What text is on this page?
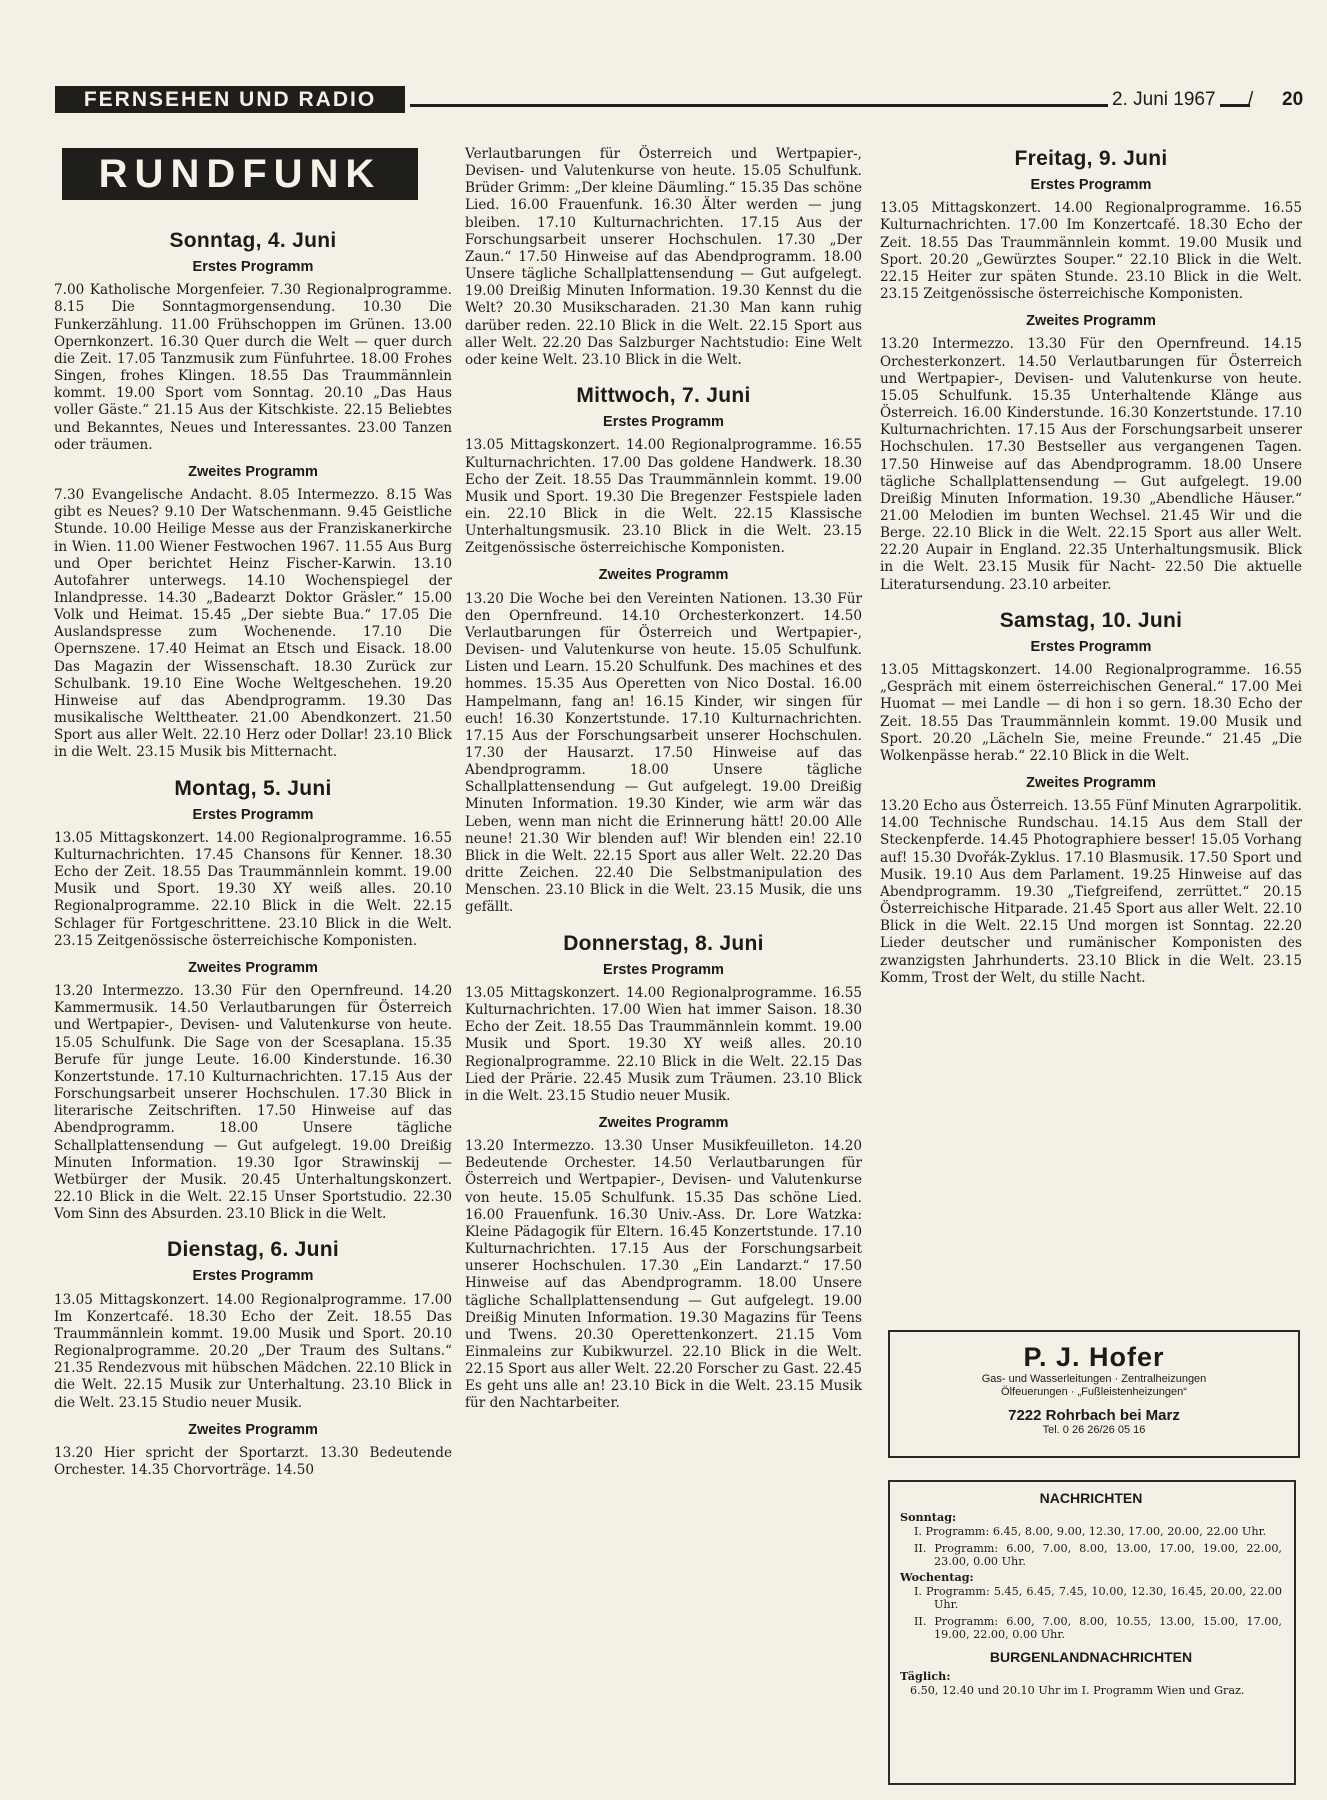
FERNSEHEN UND RADIO	2. Juni 1967 / 20
RUNDFUNK
Sonntag, 4. Juni
Erstes Programm

7.00 Katholische Morgenfeier. 7.30 Regionalprogramme. 8.15 Die Sonntagmorgensendung. 10.30 Die Funkerzählung. 11.00 Frühschoppen im Grünen. 13.00 Opernkonzert. 16.30 Quer durch die Welt — quer durch die Zeit. 17.05 Tanzmusik zum Fünfuhrtee. 18.00 Frohes Singen, frohes Klingen. 18.55 Das Traummännlein kommt. 19.00 Sport vom Sonntag. 20.10 „Das Haus voller Gäste.“ 21.15 Aus der Kitschkiste. 22.15 Beliebtes und Bekanntes, Neues und Interessantes. 23.00 Tanzen oder träumen.

Zweites Programm

7.30 Evangelische Andacht. 8.05 Intermezzo. 8.15 Was gibt es Neues? 9.10 Der Watschenmann. 9.45 Geistliche Stunde. 10.00 Heilige Messe aus der Franziskanerkirche in Wien. 11.00 Wiener Festwochen 1967. 11.55 Aus Burg und Oper berichtet Heinz Fischer-Karwin. 13.10 Autofahrer unterwegs. 14.10 Wochenspiegel der Inlandpresse. 14.30 „Badearzt Doktor Gräsler.“ 15.00 Volk und Heimat. 15.45 „Der siebte Bua.“ 17.05 Die Auslandspresse zum Wochenende. 17.10 Die Opernszene. 17.40 Heimat an Etsch und Eisack. 18.00 Das Magazin der Wissenschaft. 18.30 Zurück zur Schulbank. 19.10 Eine Woche Weltgeschehen. 19.20 Hinweise auf das Abendprogramm. 19.30 Das musikalische Welttheater. 21.00 Abendkonzert. 21.50 Sport aus aller Welt. 22.10 Herz oder Dollar! 23.10 Blick in die Welt. 23.15 Musik bis Mitternacht.

Montag, 5. Juni
Erstes Programm

13.05 Mittagskonzert. 14.00 Regionalprogramme. 16.55 Kulturnachrichten. 17.45 Chansons für Kenner. 18.30 Echo der Zeit. 18.55 Das Traummännlein kommt. 19.00 Musik und Sport. 19.30 XY weiß alles. 20.10 Regionalprogramme. 22.10 Blick in die Welt. 22.15 Schlager für Fortgeschrittene. 23.10 Blick in die Welt. 23.15 Zeitgenössische österreichische Komponisten.

Zweites Programm

13.20 Intermezzo. 13.30 Für den Opernfreund. 14.20 Kammermusik. 14.50 Verlautbarungen für Österreich und Wertpapier-, Devisen- und Valutenkurse von heute. 15.05 Schulfunk. Die Sage von der Scesaplana. 15.35 Berufe für junge Leute. 16.00 Kinderstunde. 16.30 Konzertstunde. 17.10 Kulturnachrichten. 17.15 Aus der Forschungsarbeit unserer Hochschulen. 17.30 Blick in literarische Zeitschriften. 17.50 Hinweise auf das Abendprogramm. 18.00 Unsere tägliche Schallplattensendung — Gut aufgelegt. 19.00 Dreißig Minuten Information. 19.30 Igor Strawinskij — Wetbürger der Musik. 20.45 Unterhaltungskonzert. 22.10 Blick in die Welt. 22.15 Unser Sportstudio. 22.30 Vom Sinn des Absurden. 23.10 Blick in die Welt.

Dienstag, 6. Juni
Erstes Programm

13.05 Mittagskonzert. 14.00 Regionalprogramme. 17.00 Im Konzertcafé. 18.30 Echo der Zeit. 18.55 Das Traummännlein kommt. 19.00 Musik und Sport. 20.10 Regionalprogramme. 20.20 „Der Traum des Sultans.“ 21.35 Rendezvous mit hübschen Mädchen. 22.10 Blick in die Welt. 22.15 Musik zur Unterhaltung. 23.10 Blick in die Welt. 23.15 Studio neuer Musik.

Zweites Programm

13.20 Hier spricht der Sportarzt. 13.30 Bedeutende Orchester. 14.35 Chorvorträge. 14.50

Verlautbarungen für Österreich und Wertpapier-, Devisen- und Valutenkurse von heute. 15.05 Schulfunk. Brüder Grimm: „Der kleine Däumling.“ 15.35 Das schöne Lied. 16.00 Frauenfunk. 16.30 Älter werden — jung bleiben. 17.10 Kulturnachrichten. 17.15 Aus der Forschungsarbeit unserer Hochschulen. 17.30 „Der Zaun.“ 17.50 Hinweise auf das Abendprogramm. 18.00 Unsere tägliche Schallplattensendung — Gut aufgelegt. 19.00 Dreißig Minuten Information. 19.30 Kennst du die Welt? 20.30 Musikscharaden. 21.30 Man kann ruhig darüber reden. 22.10 Blick in die Welt. 22.15 Sport aus aller Welt. 22.20 Das Salzburger Nachtstudio: Eine Welt oder keine Welt. 23.10 Blick in die Welt.

Mittwoch, 7. Juni
Erstes Programm

13.05 Mittagskonzert. 14.00 Regionalprogramme. 16.55 Kulturnachrichten. 17.00 Das goldene Handwerk. 18.30 Echo der Zeit. 18.55 Das Traummännlein kommt. 19.00 Musik und Sport. 19.30 Die Bregenzer Festspiele laden ein. 22.10 Blick in die Welt. 22.15 Klassische Unterhaltungsmusik. 23.10 Blick in die Welt. 23.15 Zeitgenössische österreichische Komponisten.

Zweites Programm

13.20 Die Woche bei den Vereinten Nationen. 13.30 Für den Opernfreund. 14.10 Orchesterkonzert. 14.50 Verlautbarungen für Österreich und Wertpapier-, Devisen- und Valutenkurse von heute. 15.05 Schulfunk. Listen und Learn. 15.20 Schulfunk. Des machines et des hommes. 15.35 Aus Operetten von Nico Dostal. 16.00 Hampelmann, fang an! 16.15 Kinder, wir singen für euch! 16.30 Konzertstunde. 17.10 Kulturnachrichten. 17.15 Aus der Forschungsarbeit unserer Hochschulen. 17.30 der Hausarzt. 17.50 Hinweise auf das Abendprogramm. 18.00 Unsere tägliche Schallplattensendung — Gut aufgelegt. 19.00 Dreißig Minuten Information. 19.30 Kinder, wie arm wär das Leben, wenn man nicht die Erinnerung hätt! 20.00 Alle neune! 21.30 Wir blenden auf! Wir blenden ein! 22.10 Blick in die Welt. 22.15 Sport aus aller Welt. 22.20 Das dritte Zeichen. 22.40 Die Selbstmanipulation des Menschen. 23.10 Blick in die Welt. 23.15 Musik, die uns gefällt.

Donnerstag, 8. Juni
Erstes Programm

13.05 Mittagskonzert. 14.00 Regionalprogramme. 16.55 Kulturnachrichten. 17.00 Wien hat immer Saison. 18.30 Echo der Zeit. 18.55 Das Traummännlein kommt. 19.00 Musik und Sport. 19.30 XY weiß alles. 20.10 Regionalprogramme. 22.10 Blick in die Welt. 22.15 Das Lied der Prärie. 22.45 Musik zum Träumen. 23.10 Blick in die Welt. 23.15 Studio neuer Musik.

Zweites Programm

13.20 Intermezzo. 13.30 Unser Musikfeuilleton. 14.20 Bedeutende Orchester. 14.50 Verlautbarungen für Österreich und Wertpapier-, Devisen- und Valutenkurse von heute. 15.05 Schulfunk. 15.35 Das schöne Lied. 16.00 Frauenfunk. 16.30 Univ.-Ass. Dr. Lore Watzka: Kleine Pädagogik für Eltern. 16.45 Konzertstunde. 17.10 Kulturnachrichten. 17.15 Aus der Forschungsarbeit unserer Hochschulen. 17.30 „Ein Landarzt.“ 17.50 Hinweise auf das Abendprogramm. 18.00 Unsere tägliche Schallplattensendung — Gut aufgelegt. 19.00 Dreißig Minuten Information. 19.30 Magazins für Teens und Twens. 20.30 Operettenkonzert. 21.15 Vom Einmaleins zur Kubikwurzel. 22.10 Blick in die Welt. 22.15 Sport aus aller Welt. 22.20 Forscher zu Gast. 22.45 Es geht uns alle an! 23.10 Bick in die Welt. 23.15 Musik für den Nachtarbeiter.

Freitag, 9. Juni
Erstes Programm

13.05 Mittagskonzert. 14.00 Regionalprogramme. 16.55 Kulturnachrichten. 17.00 Im Konzertcafé. 18.30 Echo der Zeit. 18.55 Das Traummännlein kommt. 19.00 Musik und Sport. 20.20 „Gewürztes Souper.“ 22.10 Blick in die Welt. 22.15 Heiter zur späten Stunde. 23.10 Blick in die Welt. 23.15 Zeitgenössische österreichische Komponisten.

Zweites Programm

13.20 Intermezzo. 13.30 Für den Opernfreund. 14.15 Orchesterkonzert. 14.50 Verlautbarungen für Österreich und Wertpapier-, Devisen- und Valutenkurse von heute. 15.05 Schulfunk. 15.35 Unterhaltende Klänge aus Österreich. 16.00 Kinderstunde. 16.30 Konzertstunde. 17.10 Kulturnachrichten. 17.15 Aus der Forschungsarbeit unserer Hochschulen. 17.30 Bestseller aus vergangenen Tagen. 17.50 Hinweise auf das Abendprogramm. 18.00 Unsere tägliche Schallplattensendung — Gut aufgelegt. 19.00 Dreißig Minuten Information. 19.30 „Abendliche Häuser.“ 21.00 Melodien im bunten Wechsel. 21.45 Wir und die Berge. 22.10 Blick in die Welt. 22.15 Sport aus aller Welt. 22.20 Aupair in England. 22.35 Unterhaltungsmusik. Blick in die Welt. 23.15 Musik für Nacht- 22.50 Die aktuelle Literatursendung. 23.10 arbeiter.

Samstag, 10. Juni
Erstes Programm

13.05 Mittagskonzert. 14.00 Regionalprogramme. 16.55 „Gespräch mit einem österreichischen General.“ 17.00 Mei Huomat — mei Landle — di hon i so gern. 18.30 Echo der Zeit. 18.55 Das Traummännlein kommt. 19.00 Musik und Sport. 20.20 „Lächeln Sie, meine Freunde.“ 21.45 „Die Wolkenpässe herab.“ 22.10 Blick in die Welt.

Zweites Programm

13.20 Echo aus Österreich. 13.55 Fünf Minuten Agrarpolitik. 14.00 Technische Rundschau. 14.15 Aus dem Stall der Steckenpferde. 14.45 Photographiere besser! 15.05 Vorhang auf! 15.30 Dvořák-Zyklus. 17.10 Blasmusik. 17.50 Sport und Musik. 19.10 Aus dem Parlament. 19.25 Hinweise auf das Abendprogramm. 19.30 „Tiefgreifend, zerrüttet.“ 20.15 Österreichische Hitparade. 21.45 Sport aus aller Welt. 22.10 Blick in die Welt. 22.15 Und morgen ist Sonntag. 22.20 Lieder deutscher und rumänischer Komponisten des zwanzigsten Jahrhunderts. 23.10 Blick in die Welt. 23.15 Komm, Trost der Welt, du stille Nacht.

P. J. Hofer
Gas- und Wasserleitungen · Zentralheizungen
Ölfeuerungen · „Fußleistenheizungen“
7222 Rohrbach bei Marz
Tel. 0 26 26/26 05 16
NACHRICHTEN
Sonntag:
I. Programm: 6.45, 8.00, 9.00, 12.30, 17.00, 20.00, 22.00 Uhr.
II. Programm: 6.00, 7.00, 8.00, 13.00, 17.00, 19.00, 22.00, 23.00, 0.00 Uhr.
Wochentag:
I. Programm: 5.45, 6.45, 7.45, 10.00, 12.30, 16.45, 20.00, 22.00 Uhr.
II. Programm: 6.00, 7.00, 8.00, 10.55, 13.00, 15.00, 17.00, 19.00, 22.00, 0.00 Uhr.
BURGENLANDNACHRICHTEN
Täglich:
6.50, 12.40 und 20.10 Uhr im I. Programm Wien und Graz.
